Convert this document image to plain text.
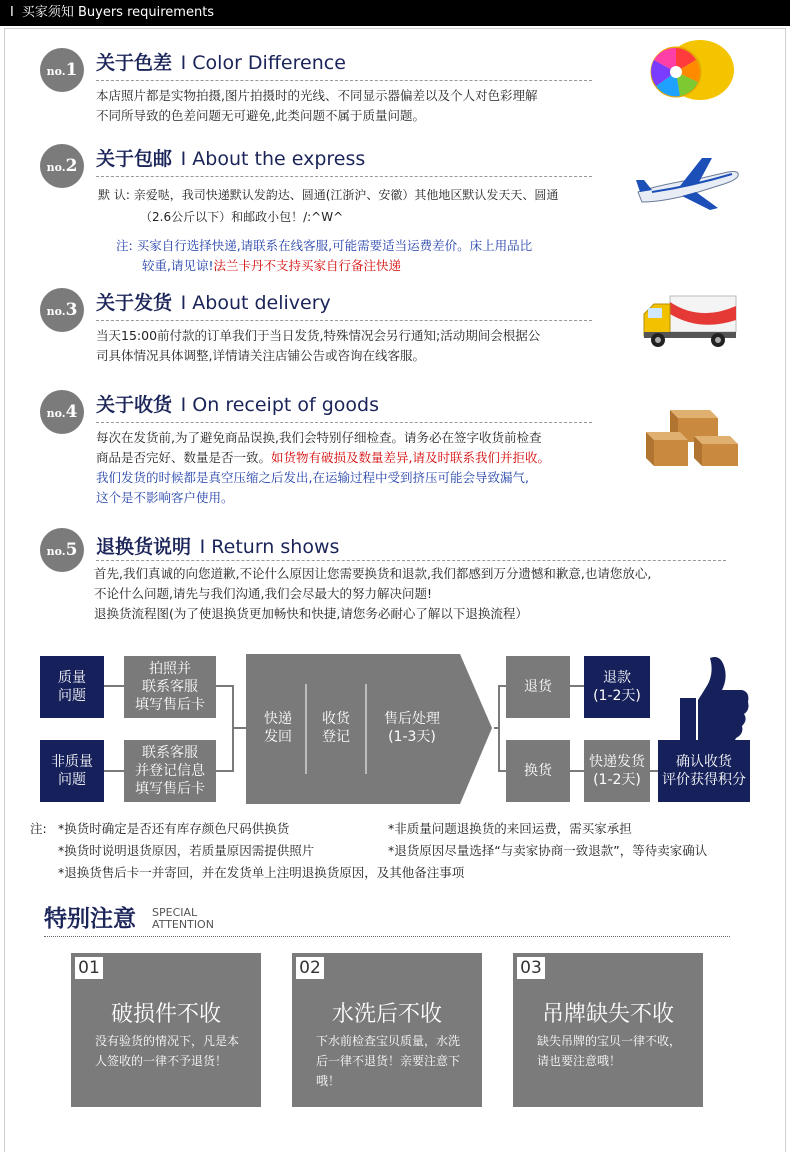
I 买家须知 Buyers requirements
no.1 关于色差 I Color Difference
本店照片都是实物拍摄,图片拍摄时的光线、不同显示器偏差以及个人对色彩理解
不同所导致的色差问题无可避免,此类问题不属于质量问题。
no.2 关于包邮 I About the express
默 认: 亲爱哒，我司快递默认发韵达、圆通(江浙沪、安徽）其他地区默认发天天、圆通
（2.6公斤以下）和邮政小包！/:^W^
注: 买家自行选择快递,请联系在线客服,可能需要适当运费差价。床上用品比
较重,请见谅!法兰卡丹不支持买家自行备注快递
no.3 关于发货 I About delivery
当天15:00前付款的订单我们于当日发货,特殊情况会另行通知;活动期间会根据公
司具体情况具体调整,详情请关注店铺公告或咨询在线客服。
no.4 关于收货 I On receipt of goods
每次在发货前,为了避免商品误换,我们会特别仔细检查。请务必在签字收货前检查
商品是否完好、数量是否一致。如货物有破损及数量差异,请及时联系我们并拒收。
我们发货的时候都是真空压缩之后发出,在运输过程中受到挤压可能会导致漏气,
这个是不影响客户使用。
no.5 退换货说明 I Return shows
首先,我们真诚的向您道歉,不论什么原因让您需要换货和退款,我们都感到万分遗憾和歉意,也请您放心,
不论什么问题,请先与我们沟通,我们会尽最大的努力解决问题!
退换货流程图(为了使退换货更加畅快和快捷,请您务必耐心了解以下退换流程）
质量
问题
非质量
问题
拍照并
联系客服
填写售后卡
联系客服
并登记信息
填写售后卡
快递
发回
收货
登记
售后处理
(1-3天)
退货
换货
退款
(1-2天)
快递发货
(1-2天)
确认收货
评价获得积分
注: *换货时确定是否还有库存颜色尺码供换货
*换货时说明退货原因，若质量原因需提供照片
*退换货售后卡一并寄回，并在发货单上注明退换货原因，及其他备注事项
*非质量问题退换货的来回运费，需买家承担
*退货原因尽量选择“与卖家协商一致退款”，等待卖家确认
特别注意 SPECIAL
ATTENTION
01
破损件不收
没有验货的情况下，凡是本人签收的一律不予退货！
02
水洗后不收
下水前检查宝贝质量，水洗后一律不退货！亲要注意下哦！
03
吊牌缺失不收
缺失吊牌的宝贝一律不收，请也要注意哦！
